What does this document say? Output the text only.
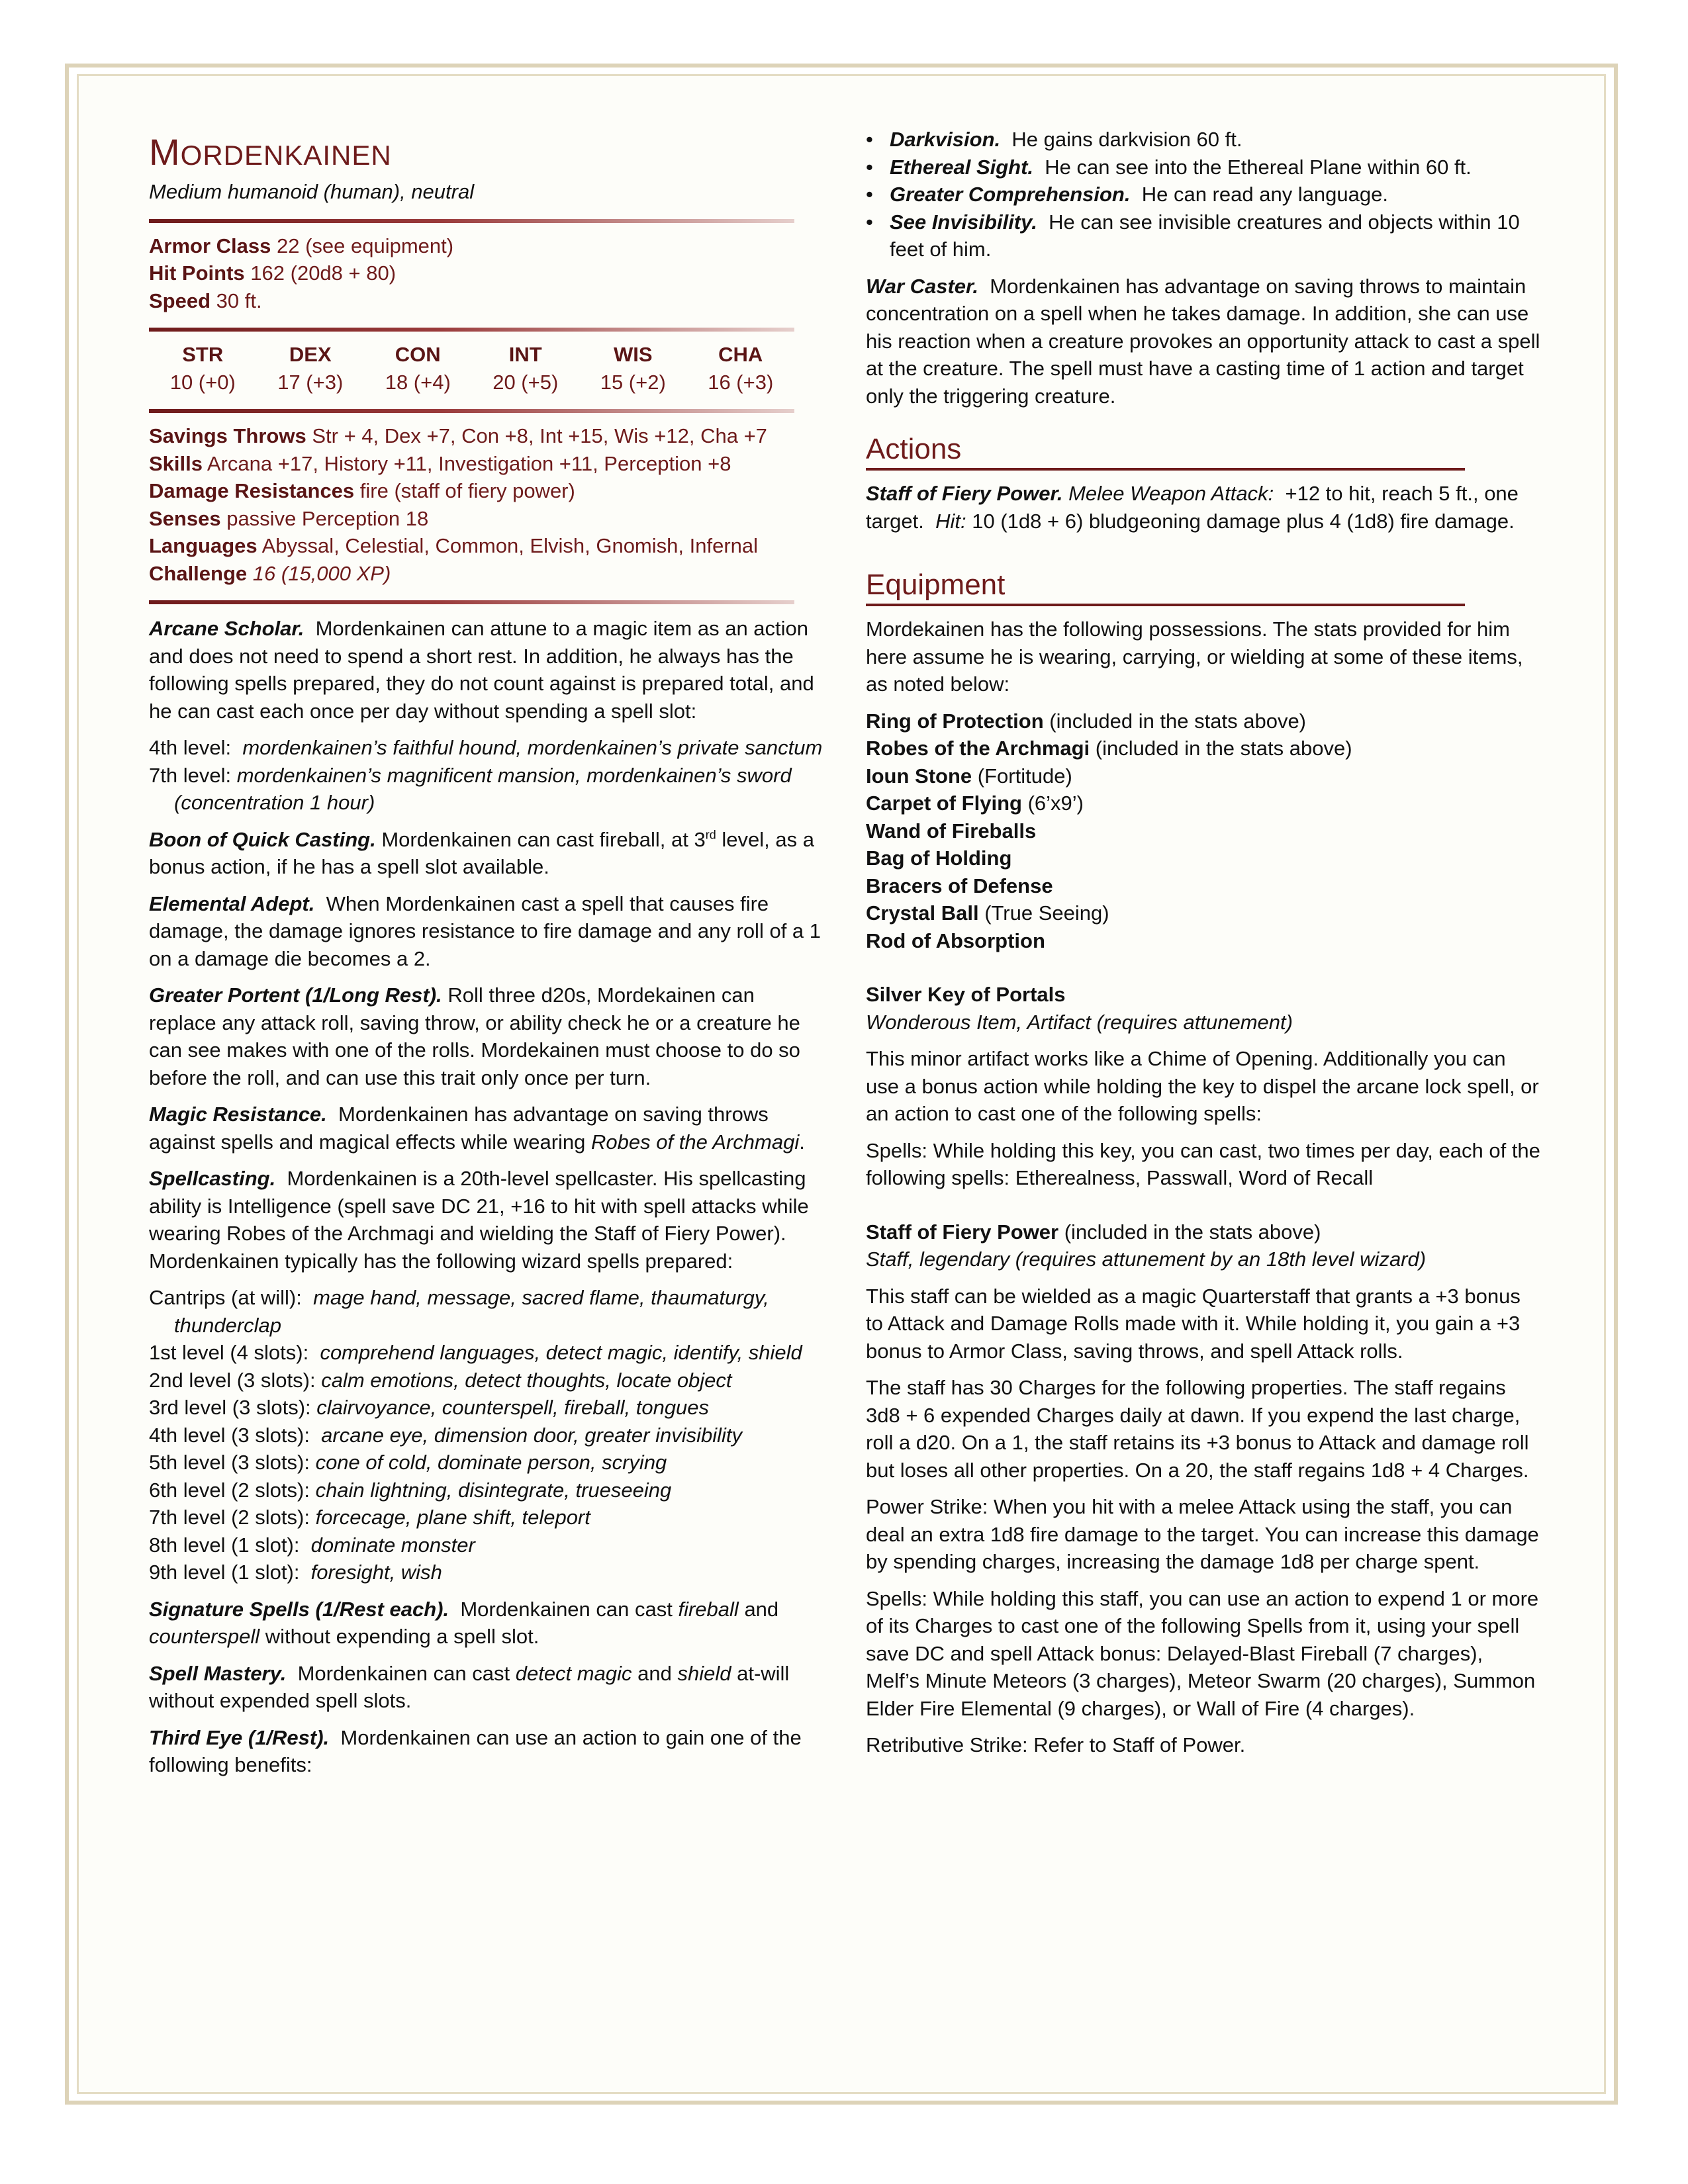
MORDENKAINEN

Medium humanoid (human), neutral

Armor Class 22 (see equipment)

Hit Points 162 (20d8 + 80)

Speed 30 ft.

STR
10 (+0)
DEX
17 (+3)
CON
18 (+4)
INT
20 (+5)
WIS
15 (+2)
CHA
16 (+3)

Savings Throws Str + 4, Dex +7, Con +8, Int +15, Wis +12, Cha +7

Skills Arcana +17, History +11, Investigation +11, Perception +8

Damage Resistances fire (staff of fiery power)

Senses passive Perception 18

Languages Abyssal, Celestial, Common, Elvish, Gnomish, Infernal

Challenge 16 (15,000 XP)

Arcane Scholar. Mordenkainen can attune to a magic item as an action and does not need to spend a short rest. In addition, he always has the following spells prepared, they do not count against is prepared total, and he can cast each once per day without spending a spell slot:

4th level: mordenkainen’s faithful hound, mordenkainen’s private sanctum

7th level: mordenkainen’s magnificent mansion, mordenkainen’s sword (concentration 1 hour)

Boon of Quick Casting. Mordenkainen can cast fireball, at 3rd level, as a bonus action, if he has a spell slot available.

Elemental Adept. When Mordenkainen cast a spell that causes fire damage, the damage ignores resistance to fire damage and any roll of a 1 on a damage die becomes a 2.

Greater Portent (1/Long Rest). Roll three d20s, Mordekainen can replace any attack roll, saving throw, or ability check he or a creature he can see makes with one of the rolls. Mordekainen must choose to do so before the roll, and can use this trait only once per turn.

Magic Resistance. Mordenkainen has advantage on saving throws against spells and magical effects while wearing Robes of the Archmagi.

Spellcasting. Mordenkainen is a 20th-level spellcaster. His spellcasting ability is Intelligence (spell save DC 21, +16 to hit with spell attacks while wearing Robes of the Archmagi and wielding the Staff of Fiery Power). Mordenkainen typically has the following wizard spells prepared:

Cantrips (at will): mage hand, message, sacred flame, thaumaturgy, thunderclap

1st level (4 slots): comprehend languages, detect magic, identify, shield

2nd level (3 slots): calm emotions, detect thoughts, locate object

3rd level (3 slots): clairvoyance, counterspell, fireball, tongues

4th level (3 slots): arcane eye, dimension door, greater invisibility

5th level (3 slots): cone of cold, dominate person, scrying

6th level (2 slots): chain lightning, disintegrate, trueseeing

7th level (2 slots): forcecage, plane shift, teleport

8th level (1 slot): dominate monster

9th level (1 slot): foresight, wish

Signature Spells (1/Rest each). Mordenkainen can cast fireball and counterspell without expending a spell slot.

Spell Mastery. Mordenkainen can cast detect magic and shield at-will without expended spell slots.

Third Eye (1/Rest). Mordenkainen can use an action to gain one of the following benefits:

• Darkvision. He gains darkvision 60 ft.
• Ethereal Sight. He can see into the Ethereal Plane within 60 ft.
• Greater Comprehension. He can read any language.
• See Invisibility. He can see invisible creatures and objects within 10 feet of him.

War Caster. Mordenkainen has advantage on saving throws to maintain concentration on a spell when he takes damage. In addition, she can use his reaction when a creature provokes an opportunity attack to cast a spell at the creature. The spell must have a casting time of 1 action and target only the triggering creature.

Actions

Staff of Fiery Power. Melee Weapon Attack: +12 to hit, reach 5 ft., one target. Hit: 10 (1d8 + 6) bludgeoning damage plus 4 (1d8) fire damage.

Equipment

Mordekainen has the following possessions. The stats provided for him here assume he is wearing, carrying, or wielding at some of these items, as noted below:

Ring of Protection (included in the stats above)

Robes of the Archmagi (included in the stats above)

Ioun Stone (Fortitude)

Carpet of Flying (6’x9’)

Wand of Fireballs

Bag of Holding

Bracers of Defense

Crystal Ball (True Seeing)

Rod of Absorption

Silver Key of Portals

Wonderous Item, Artifact (requires attunement)

This minor artifact works like a Chime of Opening. Additionally you can use a bonus action while holding the key to dispel the arcane lock spell, or an action to cast one of the following spells:

Spells: While holding this key, you can cast, two times per day, each of the following spells: Etherealness, Passwall, Word of Recall

Staff of Fiery Power (included in the stats above)

Staff, legendary (requires attunement by an 18th level wizard)

This staff can be wielded as a magic Quarterstaff that grants a +3 bonus to Attack and Damage Rolls made with it. While holding it, you gain a +3 bonus to Armor Class, saving throws, and spell Attack rolls.

The staff has 30 Charges for the following properties. The staff regains 3d8 + 6 expended Charges daily at dawn. If you expend the last charge, roll a d20. On a 1, the staff retains its +3 bonus to Attack and damage roll but loses all other properties. On a 20, the staff regains 1d8 + 4 Charges.

Power Strike: When you hit with a melee Attack using the staff, you can deal an extra 1d8 fire damage to the target. You can increase this damage by spending charges, increasing the damage 1d8 per charge spent.

Spells: While holding this staff, you can use an action to expend 1 or more of its Charges to cast one of the following Spells from it, using your spell save DC and spell Attack bonus: Delayed-Blast Fireball (7 charges), Melf’s Minute Meteors (3 charges), Meteor Swarm (20 charges), Summon Elder Fire Elemental (9 charges), or Wall of Fire (4 charges).

Retributive Strike: Refer to Staff of Power.
